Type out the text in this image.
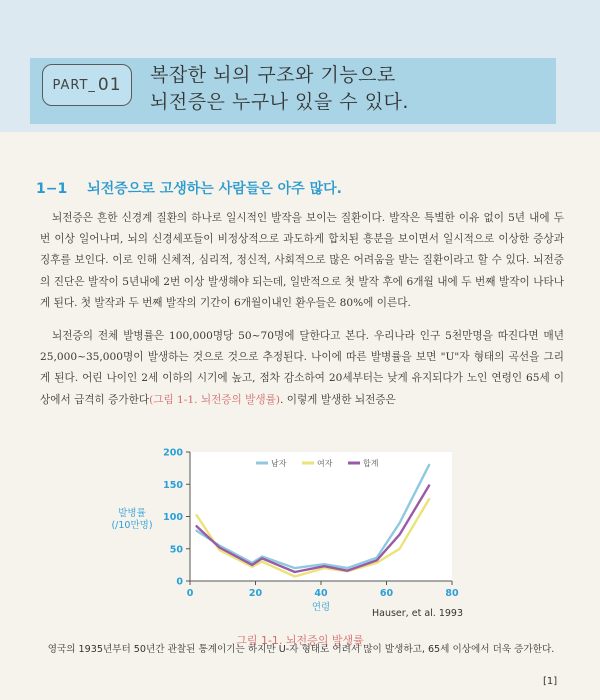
PART_ 01 복잡한 뇌의 구조와 기능으로
뇌전증은 누구나 있을 수 있다.
1−1 뇌전증으로 고생하는 사람들은 아주 많다.
뇌전증은 흔한 신경계 질환의 하나로 일시적인 발작을 보이는 질환이다. 발작은 특별한 이유 없이 5년 내에 두 번 이상 일어나며, 뇌의 신경세포들이 비정상적으로 과도하게 합치된 흥분을 보이면서 일시적으로 이상한 증상과 징후를 보인다. 이로 인해 신체적, 심리적, 정신적, 사회적으로 많은 어려움을 받는 질환이라고 할 수 있다. 뇌전증의 진단은 발작이 5년내에 2번 이상 발생해야 되는데, 일반적으로 첫 발작 후에 6개월 내에 두 번째 발작이 나타나게 된다. 첫 발작과 두 번째 발작의 기간이 6개월이내인 환우들은 80%에 이른다.
뇌전증의 전체 발병률은 100,000명당 50~70명에 달한다고 본다. 우리나라 인구 5천만명을 따진다면 매년 25,000~35,000명이 발생하는 것으로 것으로 추정된다. 나이에 따른 발병률을 보면 "U"자 형태의 곡선을 그리게 된다. 어린 나이인 2세 이하의 시기에 높고, 점차 감소하여 20세부터는 낮게 유지되다가 노인 연령인 65세 이상에서 급격히 증가한다(그림 1-1. 뇌전증의 발생률). 이렇게 발생한 뇌전증은
0
50
100
150
200
0	20	40	60	80
연령
발병률
(/10만명)
남자	여자	합계
Hauser, et al. 1993
그림 1-1. 뇌전증의 발생률
영국의 1935년부터 50년간 관찰된 통계이기는 하지만 U-자 형태로 어려서 많이 발생하고, 65세 이상에서 더욱 증가한다.
[1]
